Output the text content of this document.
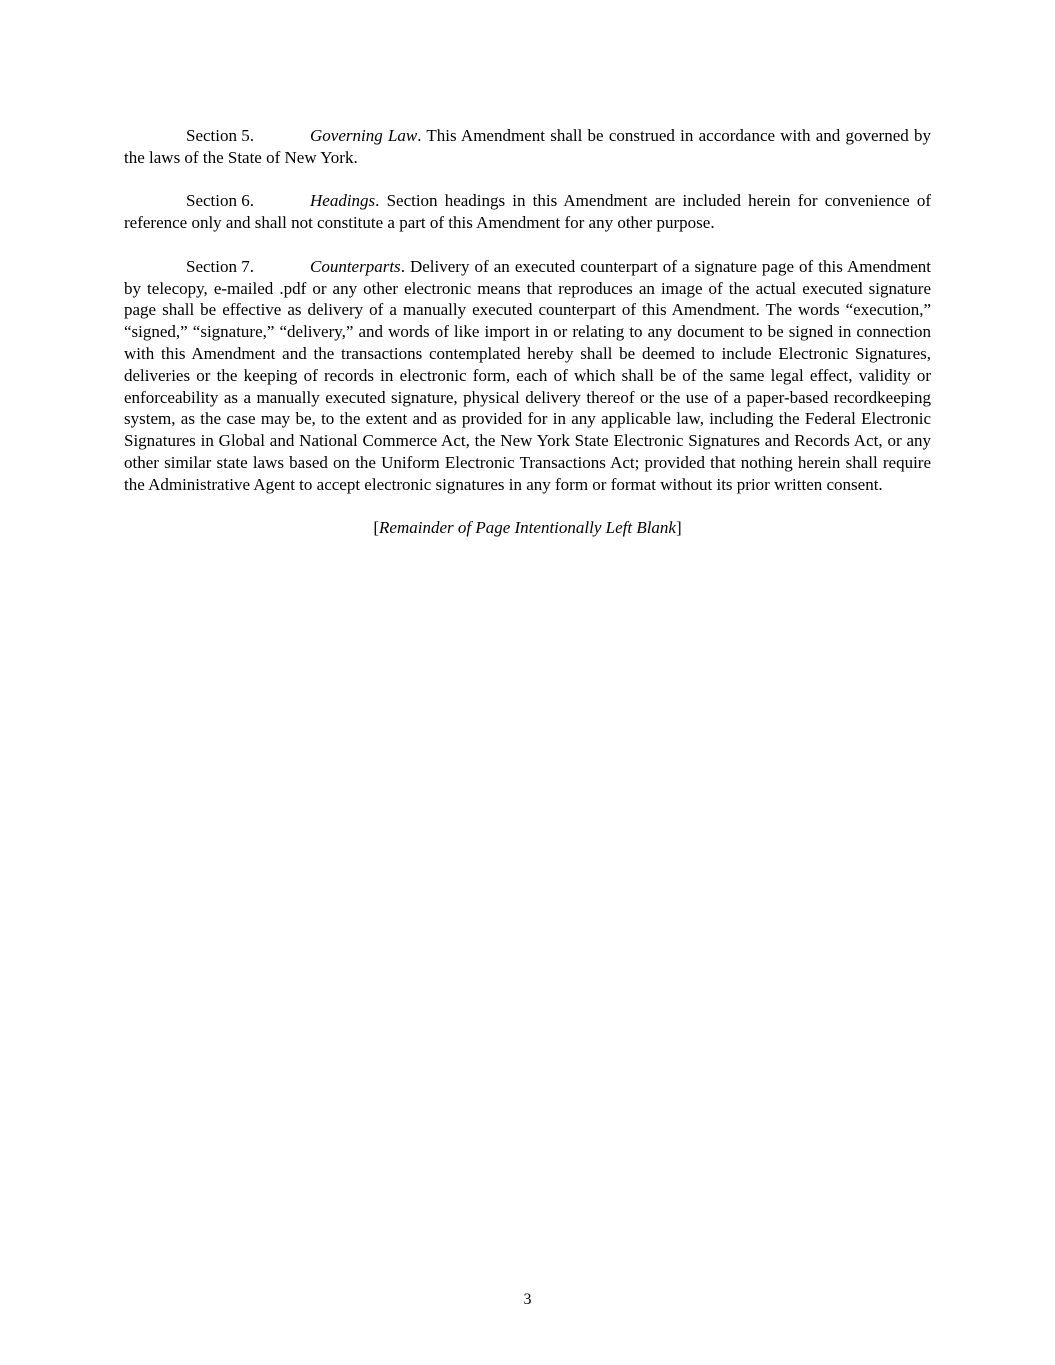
Section 5.	Governing Law. This Amendment shall be construed in accordance with and governed by the laws of the State of New York.

Section 6.	Headings. Section headings in this Amendment are included herein for convenience of reference only and shall not constitute a part of this Amendment for any other purpose.

Section 7.	Counterparts. Delivery of an executed counterpart of a signature page of this Amendment by telecopy, e-mailed .pdf or any other electronic means that reproduces an image of the actual executed signature page shall be effective as delivery of a manually executed counterpart of this Amendment. The words “execution,” “signed,” “signature,” “delivery,” and words of like import in or relating to any document to be signed in connection with this Amendment and the transactions contemplated hereby shall be deemed to include Electronic Signatures, deliveries or the keeping of records in electronic form, each of which shall be of the same legal effect, validity or enforceability as a manually executed signature, physical delivery thereof or the use of a paper-based recordkeeping system, as the case may be, to the extent and as provided for in any applicable law, including the Federal Electronic Signatures in Global and National Commerce Act, the New York State Electronic Signatures and Records Act, or any other similar state laws based on the Uniform Electronic Transactions Act; provided that nothing herein shall require the Administrative Agent to accept electronic signatures in any form or format without its prior written consent.

[Remainder of Page Intentionally Left Blank]

3
